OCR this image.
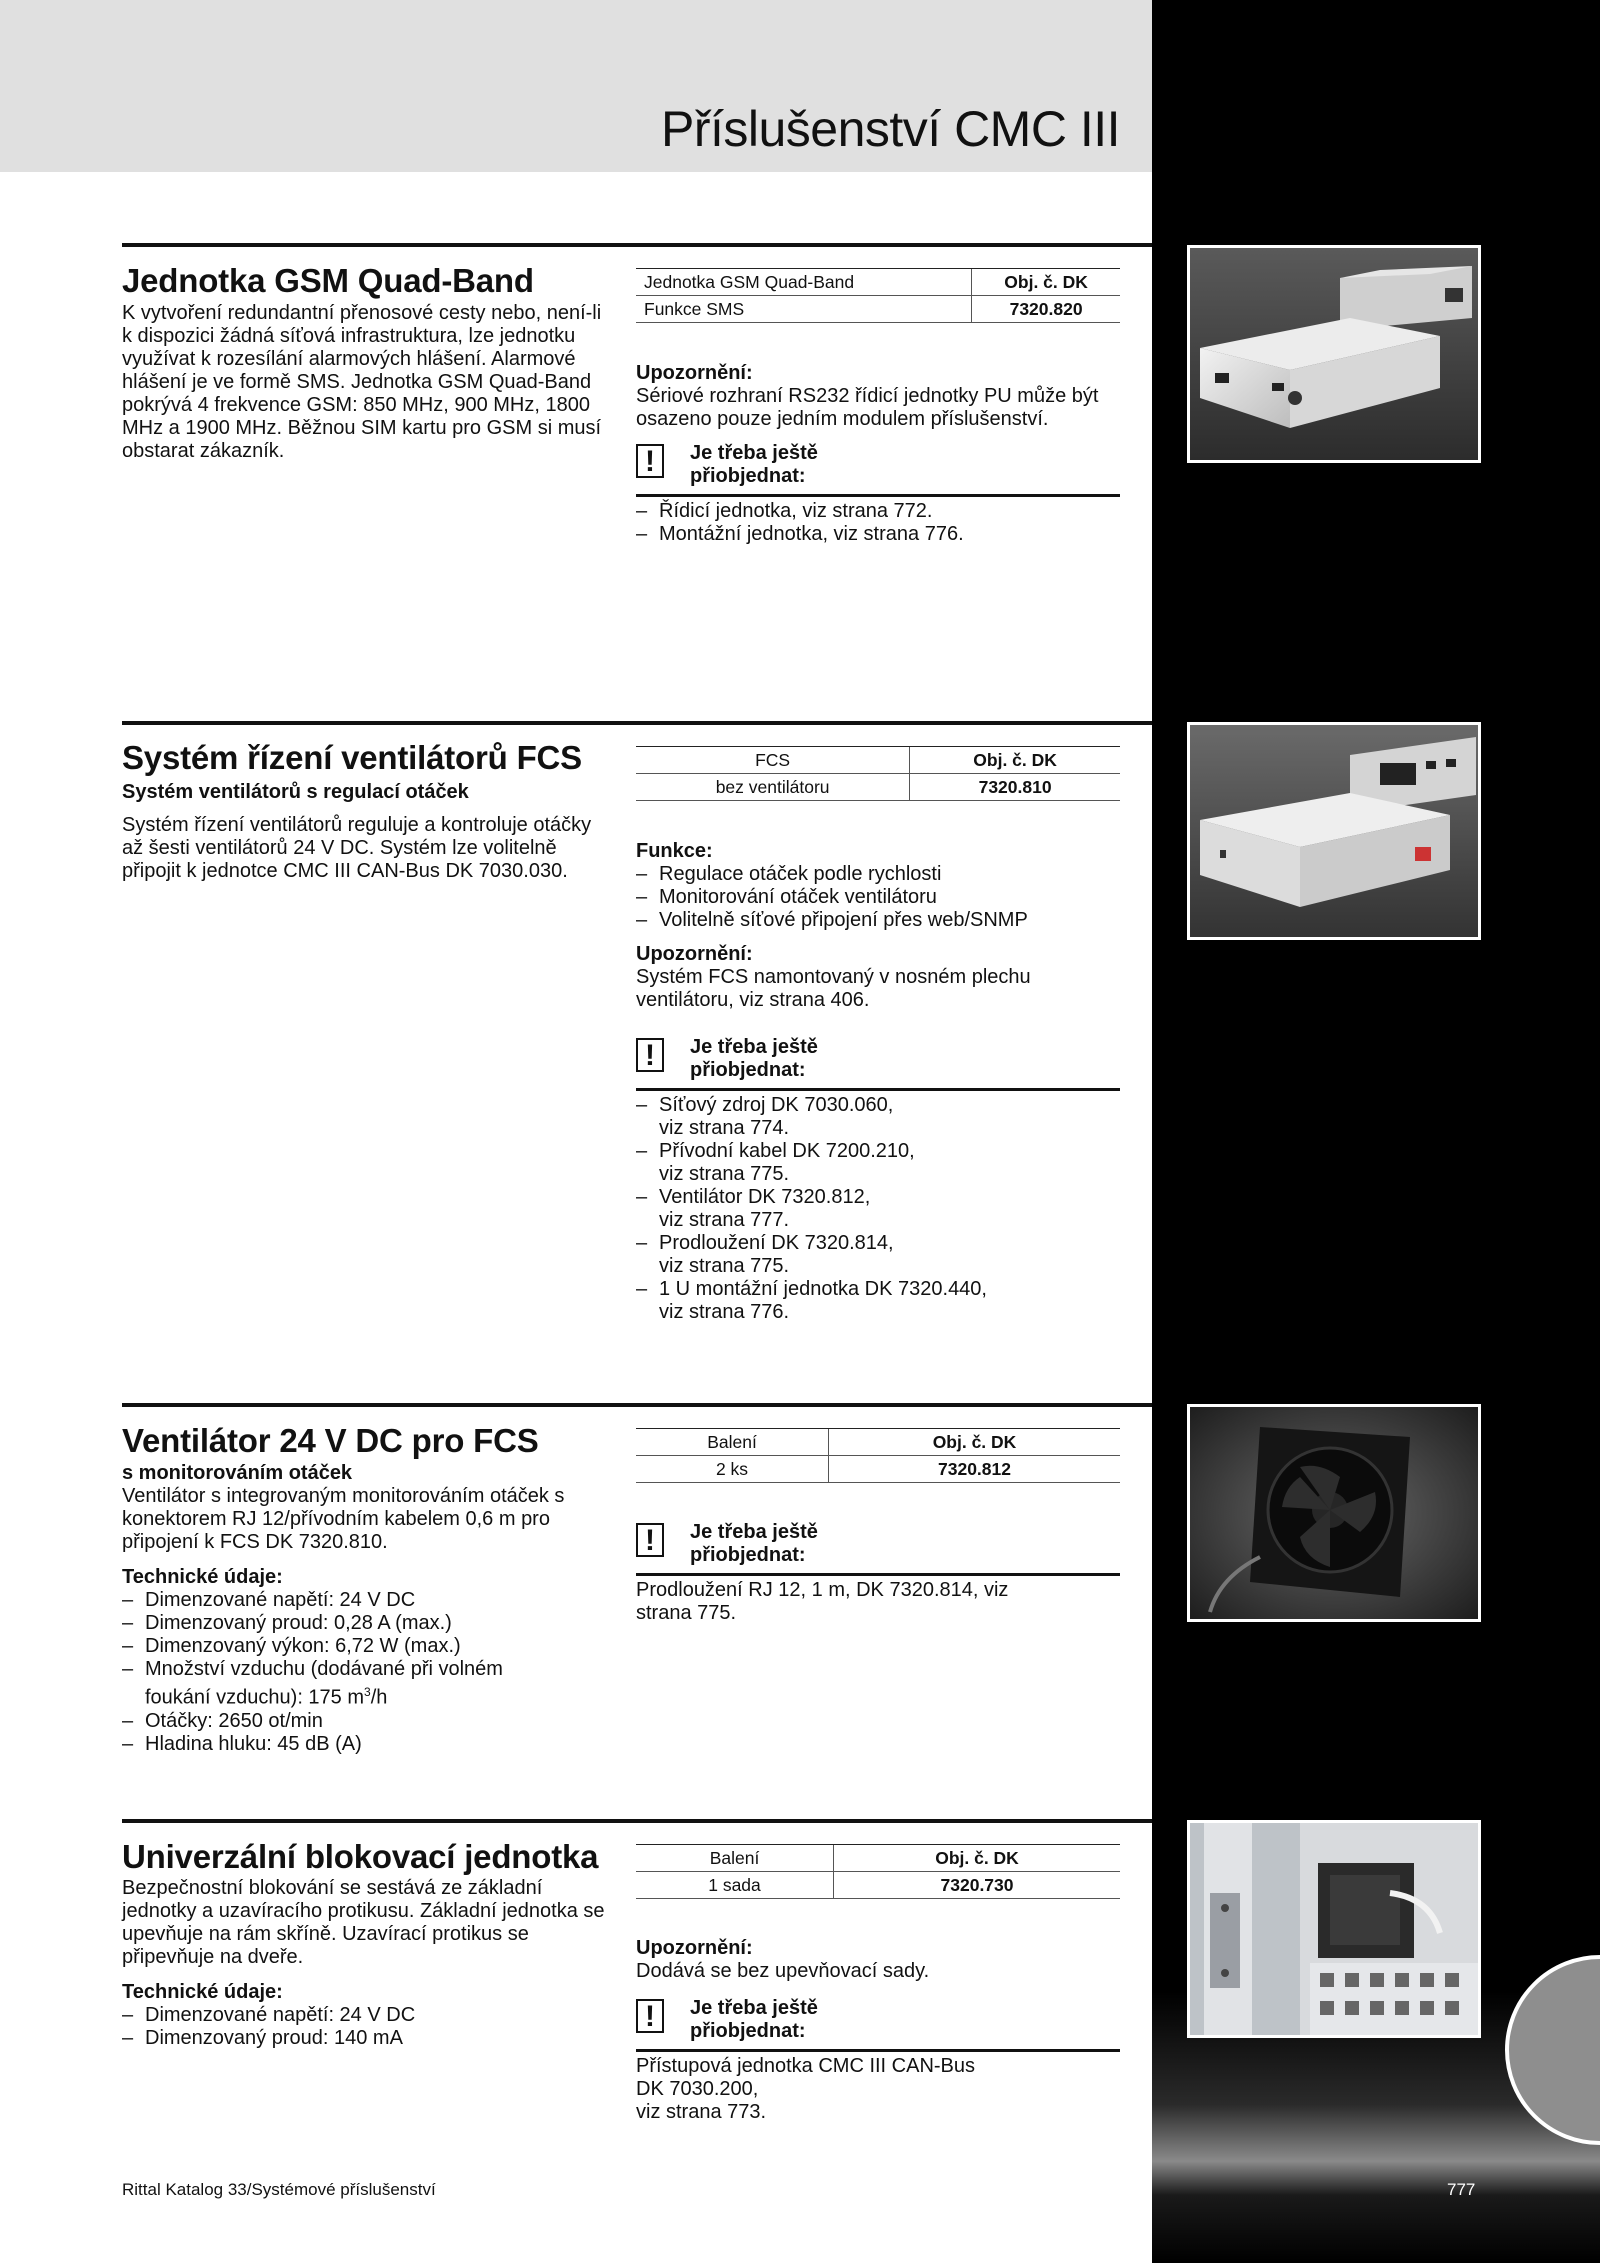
Příslušenství CMC III
Jednotka GSM Quad-Band

K vytvoření redundantní přenosové cesty nebo, není-li k dispozici žádná síťová infrastruktura, lze jednotku využívat k rozesílání alarmových hlášení. Alarmové hlášení je ve formě SMS. Jednotka GSM Quad-Band pokrývá 4 frekvence GSM: 850 MHz, 900 MHz, 1800 MHz a 1900 MHz. Běžnou SIM kartu pro GSM si musí obstarat zákazník.

Jednotka GSM Quad-Band	Obj. č. DK
Funkce SMS	7320.820

Upozornění:

Sériové rozhraní RS232 řídicí jednotky PU může být osazeno pouze jedním modulem příslušenství.

!	Je třeba ještě přiobjednat:
– Řídicí jednotka, viz strana 772.
– Montážní jednotka, viz strana 776.
Systém řízení ventilátorů FCS

Systém ventilátorů s regulací otáček

Systém řízení ventilátorů reguluje a kontroluje otáčky až šesti ventilátorů 24 V DC. Systém lze volitelně připojit k jednotce CMC III CAN-Bus DK 7030.030.

FCS	Obj. č. DK
bez ventilátoru	7320.810

Funkce:

– Regulace otáček podle rychlosti
– Monitorování otáček ventilátoru
– Volitelně síťové připojení přes web/SNMP

Upozornění:

Systém FCS namontovaný v nosném plechu ventilátoru, viz strana 406.

!	Je třeba ještě přiobjednat:
– Síťový zdroj DK 7030.060,
viz strana 774.
– Přívodní kabel DK 7200.210,
viz strana 775.
– Ventilátor DK 7320.812,
viz strana 777.
– Prodloužení DK 7320.814,
viz strana 775.
– 1 U montážní jednotka DK 7320.440,
viz strana 776.
Ventilátor 24 V DC pro FCS

s monitorováním otáček

Ventilátor s integrovaným monitorováním otáček s konektorem RJ 12/přívodním kabelem 0,6 m pro připojení k FCS DK 7320.810.

Technické údaje:

– Dimenzované napětí: 24 V DC
– Dimenzovaný proud: 0,28 A (max.)
– Dimenzovaný výkon: 6,72 W (max.)
– Množství vzduchu (dodávané při volném
foukání vzduchu): 175 $m^3/h$
– Otáčky: 2650 ot/min
– Hladina hluku: 45 dB (A)
Balení	Obj. č. DK
2 ks	7320.812
!	Je třeba ještě přiobjednat:

Prodloužení RJ 12, 1 m, DK 7320.814, viz strana 775.

Univerzální blokovací jednotka

Bezpečnostní blokování se sestává ze základní jednotky a uzavíracího protikusu. Základní jednotka se upevňuje na rám skříně. Uzavírací protikus se připevňuje na dveře.

Technické údaje:

– Dimenzované napětí: 24 V DC
– Dimenzovaný proud: 140 mA
Balení	Obj. č. DK
1 sada	7320.730

Upozornění:

Dodává se bez upevňovací sady.

!	Je třeba ještě přiobjednat:

Přístupová jednotka CMC III CAN-Bus

DK 7030.200,

viz strana 773.

Rittal Katalog 33/Systémové příslušenství	777
